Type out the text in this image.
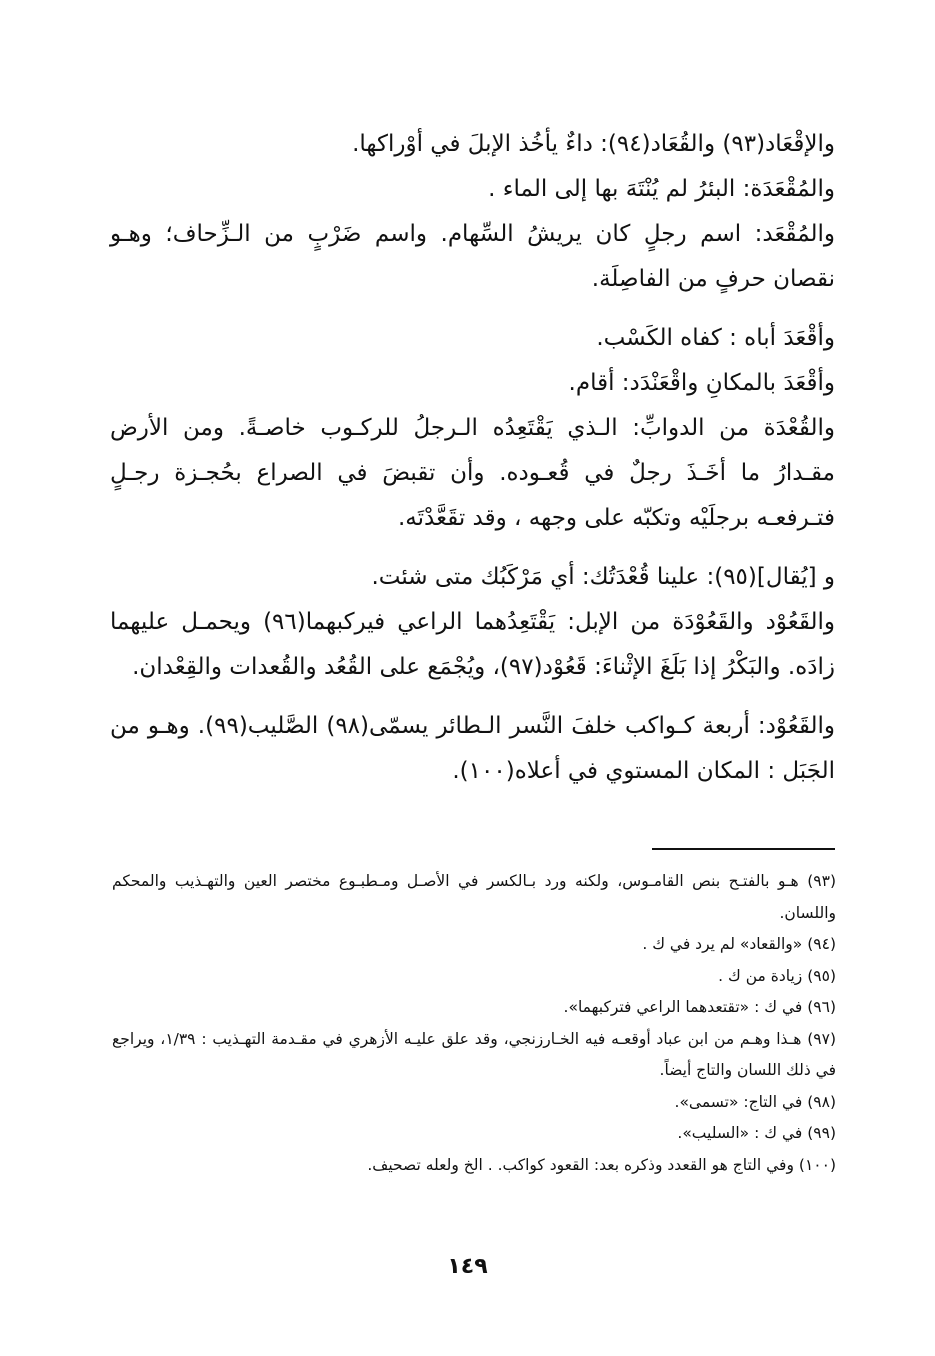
والإقْعَاد(٩٣) والقُعَاد(٩٤): داءٌ يأخُذ الإبلَ في أوْراكها.

والمُقْعَدَة: البئرُ لم يُنْتَهَ بها إلى الماء .

والمُقْعَد: اسم رجلٍ كان يريشُ السِّهام. واسم ضَرْبٍ من الـزِّحاف؛ وهـو نقصان حرفٍ من الفاصِلَة.

وأقْعَدَ أباه : كفاه الكَسْب.

وأقْعَدَ بالمكانِ واقْعَنْدَد: أقام.

والقُعْدَة من الدوابِّ: الـذي يَقْتَعِدُه الـرجلُ للركـوب خاصـةً. ومن الأرض مقـدارُ ما أخَـذَ رجلٌ في قُعـوده. وأن تقبضَ في الصراع بحُجـزة رجـلٍ فتـرفعـه برجلَيْه وتكبّه على وجهه ، وقد تقَعَّدْتَه.

و [يُقال](٩٥): علينا قُعْدَتُك: أي مَرْكَبُك متى شئت.

والقَعُوْد والقَعُوْدَة من الإبل: يَقْتَعِدُهما الراعي فيركبهما(٩٦) ويحمـل عليهما زادَه. والبَكْرُ إذا بَلَغَ الإثْناءَ: قَعُوْد(٩٧)، ويُجْمَع على القُعُد والقُعدات والقِعْدان.

والقَعُوْد: أربعة كـواكب خلفَ النَّسر الـطائر يسمّى(٩٨) الصَّليب(٩٩). وهـو من الجَبَل : المكان المستوي في أعلاه(١٠٠).

(٩٣) هـو بالفتـح بنص القامـوس، ولكنه ورد بـالكسر في الأصـل ومـطبـوع مختصر العين والتهـذيب والمحكم واللسان.

(٩٤) «والقعاد» لم يرد في ك .

(٩٥) زيادة من ك .

(٩٦) في ك : «تقتعدهما الراعي فتركبهما».

(٩٧) هـذا وهـم من ابن عباد أوقعـه فيه الخـارزنجي، وقد علق عليـه الأزهري في مقـدمة التهـذيب : ١/٣٩، ويراجع في ذلك اللسان والتاج أيضاً.

(٩٨) في التاج: «تسمى».

(٩٩) في ك : «السليب».

(١٠٠) وفي التاج هو القعدد وذكره بعد: القعود كواكب. . الخ ولعله تصحيف.

١٤٩
